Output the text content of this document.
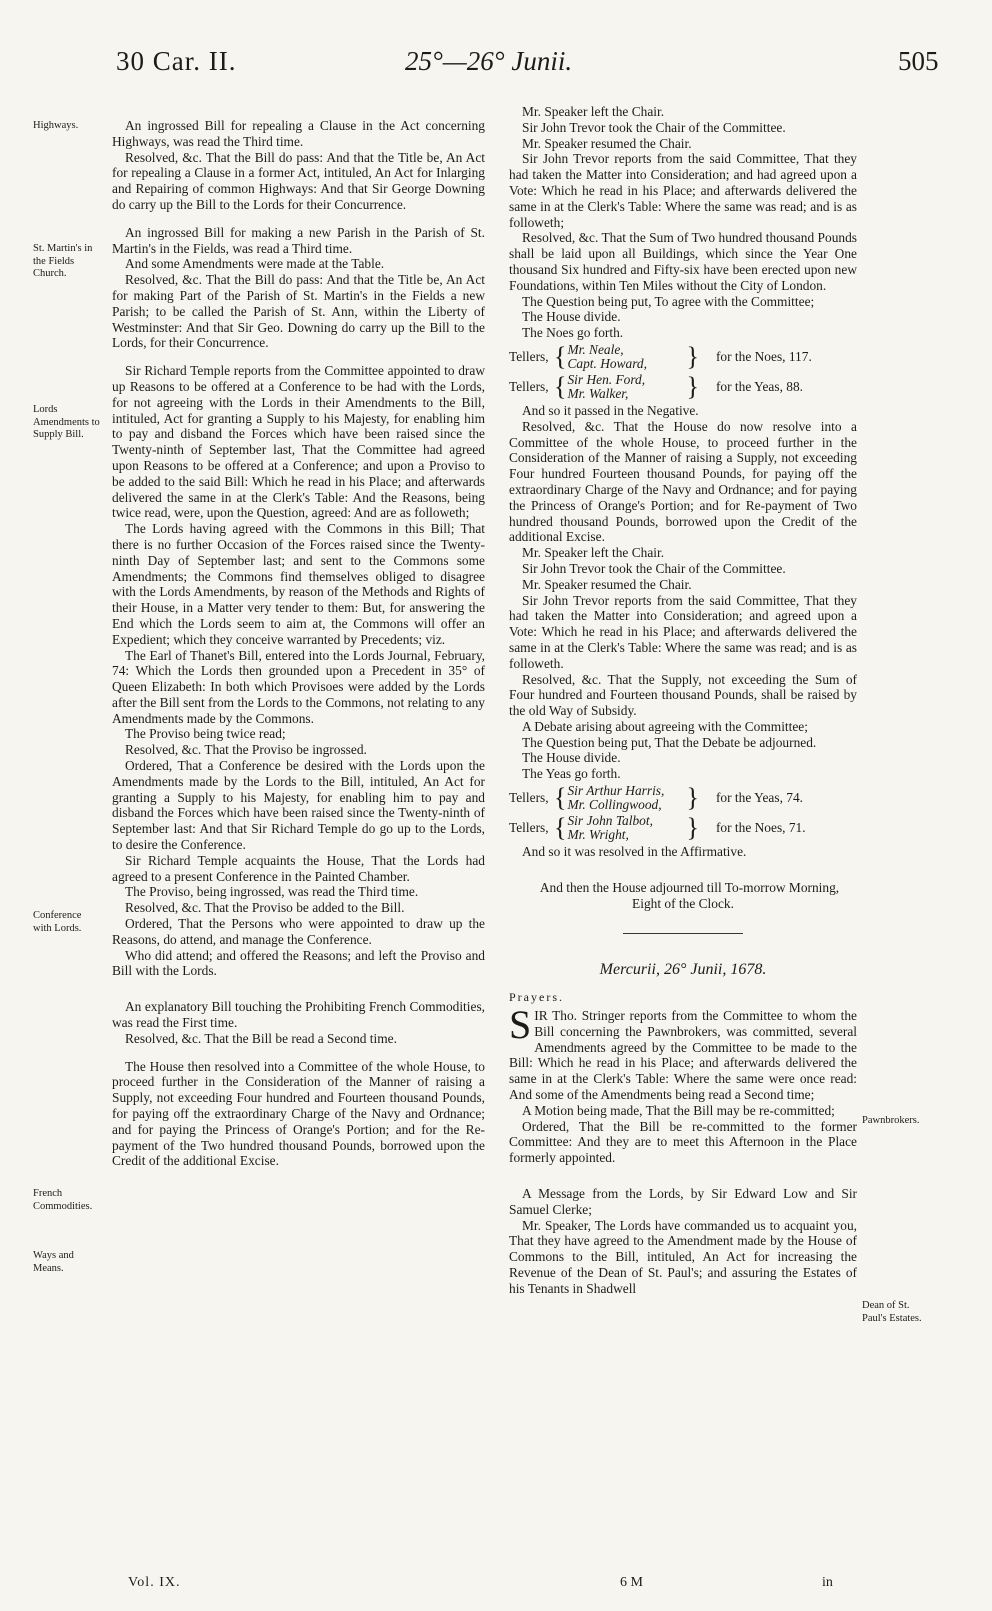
30 Car. II.	25°—26° Junii.	505
Highways.
St. Martin's in the Fields Church.
Lords Amendments to Supply Bill.
Conference with Lords.
French Commodities.
Ways and Means.
Pawnbrokers.
Dean of St. Paul's Estates.

An ingrossed Bill for repealing a Clause in the Act concerning Highways, was read the Third time.

Resolved, &c. That the Bill do pass: And that the Title be, An Act for repealing a Clause in a former Act, intituled, An Act for Inlarging and Repairing of common Highways: And that Sir George Downing do carry up the Bill to the Lords for their Concurrence.

An ingrossed Bill for making a new Parish in the Parish of St. Martin's in the Fields, was read a Third time.

And some Amendments were made at the Table.

Resolved, &c. That the Bill do pass: And that the Title be, An Act for making Part of the Parish of St. Martin's in the Fields a new Parish; to be called the Parish of St. Ann, within the Liberty of Westminster: And that Sir Geo. Downing do carry up the Bill to the Lords, for their Concurrence.

Sir Richard Temple reports from the Committee appointed to draw up Reasons to be offered at a Conference to be had with the Lords, for not agreeing with the Lords in their Amendments to the Bill, intituled, Act for granting a Supply to his Majesty, for enabling him to pay and disband the Forces which have been raised since the Twenty-ninth of September last, That the Committee had agreed upon Reasons to be offered at a Conference; and upon a Proviso to be added to the said Bill: Which he read in his Place; and afterwards delivered the same in at the Clerk's Table: And the Reasons, being twice read, were, upon the Question, agreed: And are as followeth;

The Lords having agreed with the Commons in this Bill; That there is no further Occasion of the Forces raised since the Twenty-ninth Day of September last; and sent to the Commons some Amendments; the Commons find themselves obliged to disagree with the Lords Amendments, by reason of the Methods and Rights of their House, in a Matter very tender to them: But, for answering the End which the Lords seem to aim at, the Commons will offer an Expedient; which they conceive warranted by Precedents; viz.

The Earl of Thanet's Bill, entered into the Lords Journal, February, 74: Which the Lords then grounded upon a Precedent in 35° of Queen Elizabeth: In both which Provisoes were added by the Lords after the Bill sent from the Lords to the Commons, not relating to any Amendments made by the Commons.

The Proviso being twice read;

Resolved, &c. That the Proviso be ingrossed.

Ordered, That a Conference be desired with the Lords upon the Amendments made by the Lords to the Bill, intituled, An Act for granting a Supply to his Majesty, for enabling him to pay and disband the Forces which have been raised since the Twenty-ninth of September last: And that Sir Richard Temple do go up to the Lords, to desire the Conference.

Sir Richard Temple acquaints the House, That the Lords had agreed to a present Conference in the Painted Chamber.

The Proviso, being ingrossed, was read the Third time.

Resolved, &c. That the Proviso be added to the Bill.

Ordered, That the Persons who were appointed to draw up the Reasons, do attend, and manage the Conference.

Who did attend; and offered the Reasons; and left the Proviso and Bill with the Lords.

An explanatory Bill touching the Prohibiting French Commodities, was read the First time.

Resolved, &c. That the Bill be read a Second time.

The House then resolved into a Committee of the whole House, to proceed further in the Consideration of the Manner of raising a Supply, not exceeding Four hundred and Fourteen thousand Pounds, for paying off the extraordinary Charge of the Navy and Ordnance; and for paying the Princess of Orange's Portion; and for the Re-payment of the Two hundred thousand Pounds, borrowed upon the Credit of the additional Excise.

Mr. Speaker left the Chair.

Sir John Trevor took the Chair of the Committee.

Mr. Speaker resumed the Chair.

Sir John Trevor reports from the said Committee, That they had taken the Matter into Consideration; and had agreed upon a Vote: Which he read in his Place; and afterwards delivered the same in at the Clerk's Table: Where the same was read; and is as followeth;

Resolved, &c. That the Sum of Two hundred thousand Pounds shall be laid upon all Buildings, which since the Year One thousand Six hundred and Fifty-six have been erected upon new Foundations, within Ten Miles without the City of London.

The Question being put, To agree with the Committee;

The House divide.

The Noes go forth.

Tellers, { Mr. Neale,
Capt. Howard,	} for the Noes, 117.
Tellers, { Sir Hen. Ford,
Mr. Walker,	} for the Yeas, 88.

And so it passed in the Negative.

Resolved, &c. That the House do now resolve into a Committee of the whole House, to proceed further in the Consideration of the Manner of raising a Supply, not exceeding Four hundred Fourteen thousand Pounds, for paying off the extraordinary Charge of the Navy and Ordnance; and for paying the Princess of Orange's Portion; and for Re-payment of Two hundred thousand Pounds, borrowed upon the Credit of the additional Excise.

Mr. Speaker left the Chair.

Sir John Trevor took the Chair of the Committee.

Mr. Speaker resumed the Chair.

Sir John Trevor reports from the said Committee, That they had taken the Matter into Consideration; and agreed upon a Vote: Which he read in his Place; and afterwards delivered the same in at the Clerk's Table: Where the same was read; and is as followeth.

Resolved, &c. That the Supply, not exceeding the Sum of Four hundred and Fourteen thousand Pounds, shall be raised by the old Way of Subsidy.

A Debate arising about agreeing with the Committee;

The Question being put, That the Debate be adjourned.

The House divide.

The Yeas go forth.

Tellers, { Sir Arthur Harris,
Mr. Collingwood, } for the Yeas, 74.
Tellers, { Sir John Talbot,
Mr. Wright,	} for the Noes, 71.

And so it was resolved in the Affirmative.

And then the House adjourned till To-morrow Morning, Eight of the Clock.

Mercurii, 26° Junii, 1678.
Prayers.

SIR Tho. Stringer reports from the Committee to whom the Bill concerning the Pawnbrokers, was committed, several Amendments agreed by the Committee to be made to the Bill: Which he read in his Place; and afterwards delivered the same in at the Clerk's Table: Where the same were once read: And some of the Amendments being read a Second time;

A Motion being made, That the Bill may be re-committed;

Ordered, That the Bill be re-committed to the former Committee: And they are to meet this Afternoon in the Place formerly appointed.

A Message from the Lords, by Sir Edward Low and Sir Samuel Clerke;

Mr. Speaker, The Lords have commanded us to acquaint you, That they have agreed to the Amendment made by the House of Commons to the Bill, intituled, An Act for increasing the Revenue of the Dean of St. Paul's; and assuring the Estates of his Tenants in Shadwell

Vol. IX.	6 M	in
